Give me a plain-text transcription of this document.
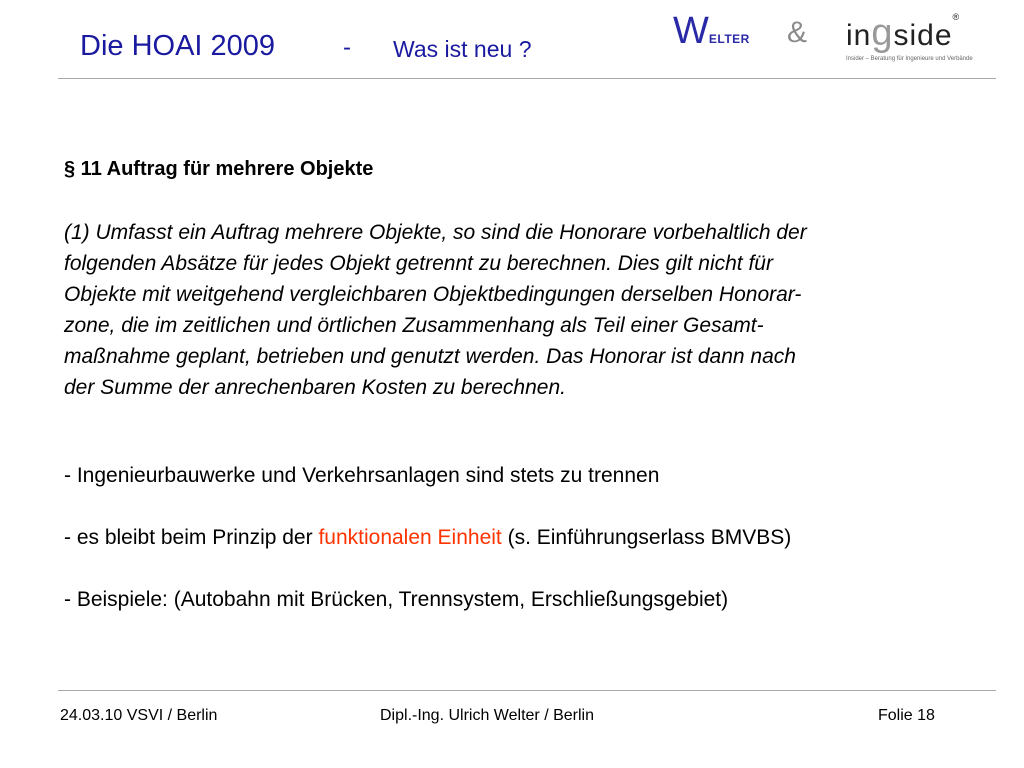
Die HOAI 2009	- Was ist neu ?	WELTER & ingside®
Insider – Beratung für Ingenieure und Verbände
§ 11 Auftrag für mehrere Objekte
(1) Umfasst ein Auftrag mehrere Objekte, so sind die Honorare vorbehaltlich der
folgenden Absätze für jedes Objekt getrennt zu berechnen. Dies gilt nicht für
Objekte mit weitgehend vergleichbaren Objektbedingungen derselben Honorar-
zone, die im zeitlichen und örtlichen Zusammenhang als Teil einer Gesamt-
maßnahme geplant, betrieben und genutzt werden. Das Honorar ist dann nach
der Summe der anrechenbaren Kosten zu berechnen.
- Ingenieurbauwerke und Verkehrsanlagen sind stets zu trennen
- es bleibt beim Prinzip der funktionalen Einheit (s. Einführungserlass BMVBS)
- Beispiele: (Autobahn mit Brücken, Trennsystem, Erschließungsgebiet)
24.03.10 VSVI / Berlin	Dipl.-Ing. Ulrich Welter / Berlin	Folie 18
